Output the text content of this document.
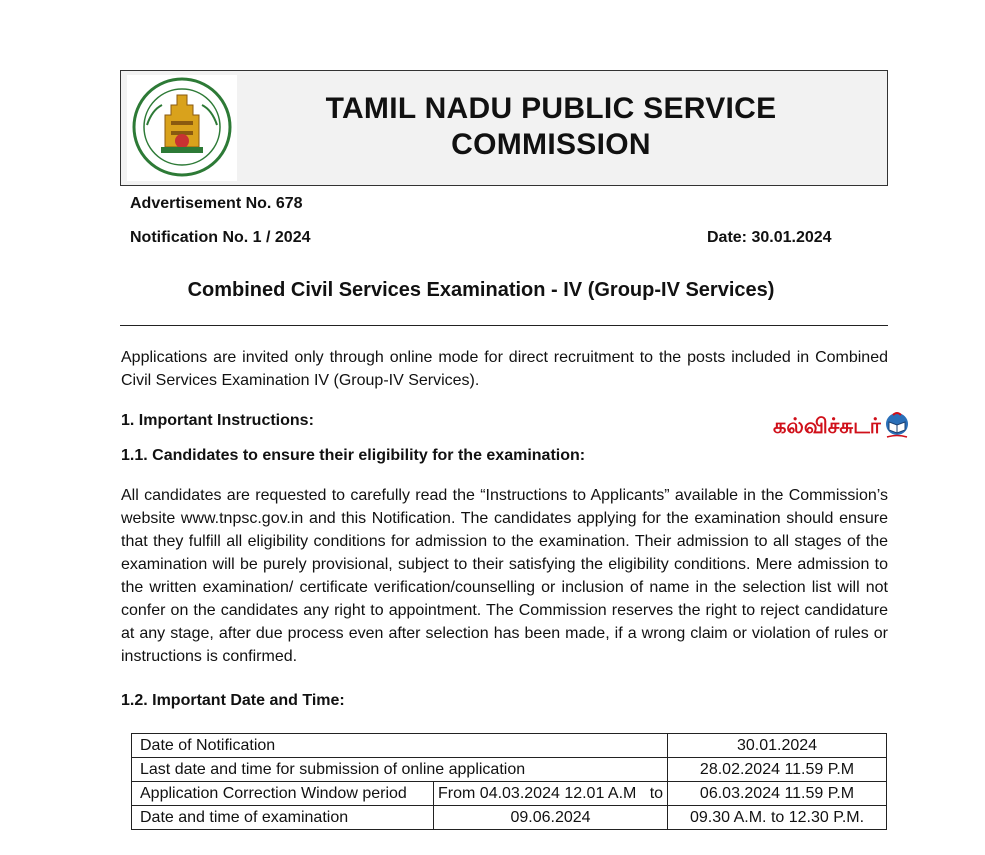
TAMIL NADU PUBLIC SERVICE
COMMISSION
Advertisement No. 678
Notification No. 1 / 2024	Date: 30.01.2024
Combined Civil Services Examination - IV (Group-IV Services)
Applications are invited only through online mode for direct recruitment to the posts included in Combined Civil Services Examination IV (Group-IV Services).
1. Important Instructions:	கல்விச்சுடர்
1.1. Candidates to ensure their eligibility for the examination:
All candidates are requested to carefully read the “Instructions to Applicants” available in the Commission’s website www.tnpsc.gov.in and this Notification. The candidates applying for the examination should ensure that they fulfill all eligibility conditions for admission to the examination. Their admission to all stages of the examination will be purely provisional, subject to their satisfying the eligibility conditions. Mere admission to the written examination/ certificate verification/counselling or inclusion of name in the selection list will not confer on the candidates any right to appointment. The Commission reserves the right to reject candidature at any stage, after due process even after selection has been made, if a wrong claim or violation of rules or instructions is confirmed.
1.2. Important Date and Time:
Date of Notification		30.01.2024
Last date and time for submission of online application		28.02.2024 11.59 P.M
Application Correction Window period	From 04.03.2024 12.01 A.M to	06.03.2024 11.59 P.M
Date and time of examination	09.06.2024	09.30 A.M. to 12.30 P.M.
